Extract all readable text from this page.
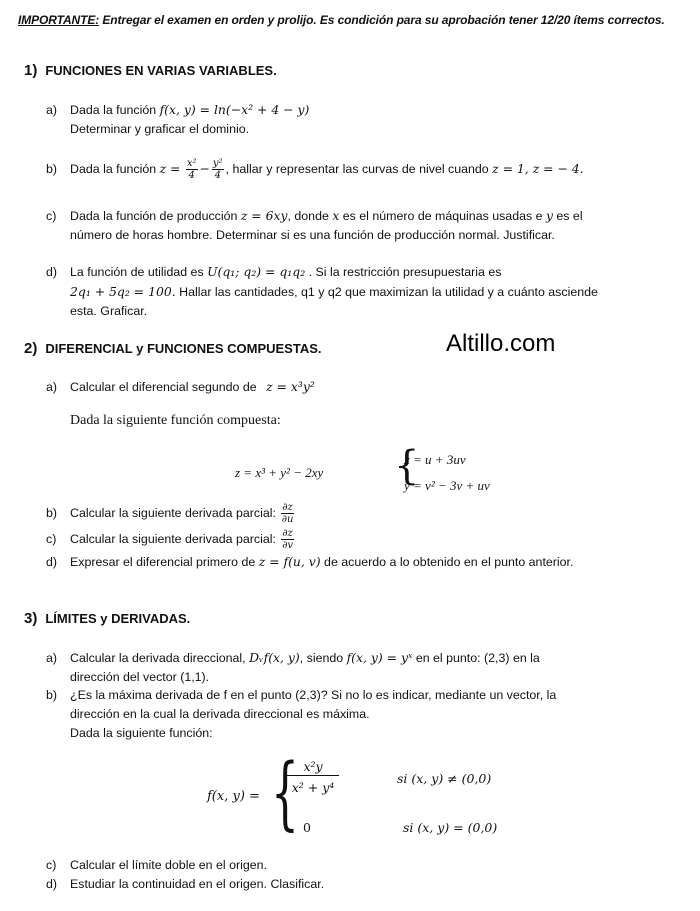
IMPORTANTE: Entregar el examen en orden y prolijo. Es condición para su aprobación tener 12/20 ítems correctos.
Altillo.com
1) FUNCIONES EN VARIAS VARIABLES.
a) Dada la función f(x, y) = ln(−x² + 4 − y)
Determinar y graficar el dominio.
b) Dada la función $z = \frac{\text{x²}}{4} - \frac{\text{y²}}{4}$ , hallar y representar las curvas de nivel cuando z = 1, z = − 4.
c) Dada la función de producción z = 6xy, donde x es el número de máquinas usadas e y es el
número de horas hombre. Determinar si es una función de producción normal. Justificar.
d) La función de utilidad es U(q₁; q₂) = q₁q₂ . Si la restricción presupuestaria es
2q₁ + 5q₂ = 100. Hallar las cantidades, q1 y q2 que maximizan la utilidad y a cuánto asciende
esta. Graficar.
2) DIFERENCIAL y FUNCIONES COMPUESTAS.
a) Calcular el diferencial segundo de z = x³y²
Dada la siguiente función compuesta:
z = x³ + y² − 2xy {
x = u + 3uv
y = v² − 3v + uv
b) Calcular la siguiente derivada parcial: $\frac{\partial z}{\partial u}$
c) Calcular la siguiente derivada parcial: $\frac{\partial z}{\partial v}$
d) Expresar el diferencial primero de z = f(u, v) de acuerdo a lo obtenido en el punto anterior.
3) LÍMITES y DERIVADAS.
a) Calcular la derivada direccional, Dᵥf(x, y), siendo f(x, y) = yˣ en el punto: (2,3) en la
dirección del vector (1,1).
b) ¿Es la máxima derivada de f en el punto (2,3)? Si no lo es indicar, mediante un vector, la
dirección en la cual la derivada direccional es máxima.
Dada la siguiente función:
f(x, y) = { x²y
x² + y⁴
si (x, y) ≠ (0,0)
0	si (x, y) = (0,0)
c) Calcular el límite doble en el origen.
d) Estudiar la continuidad en el origen. Clasificar.
